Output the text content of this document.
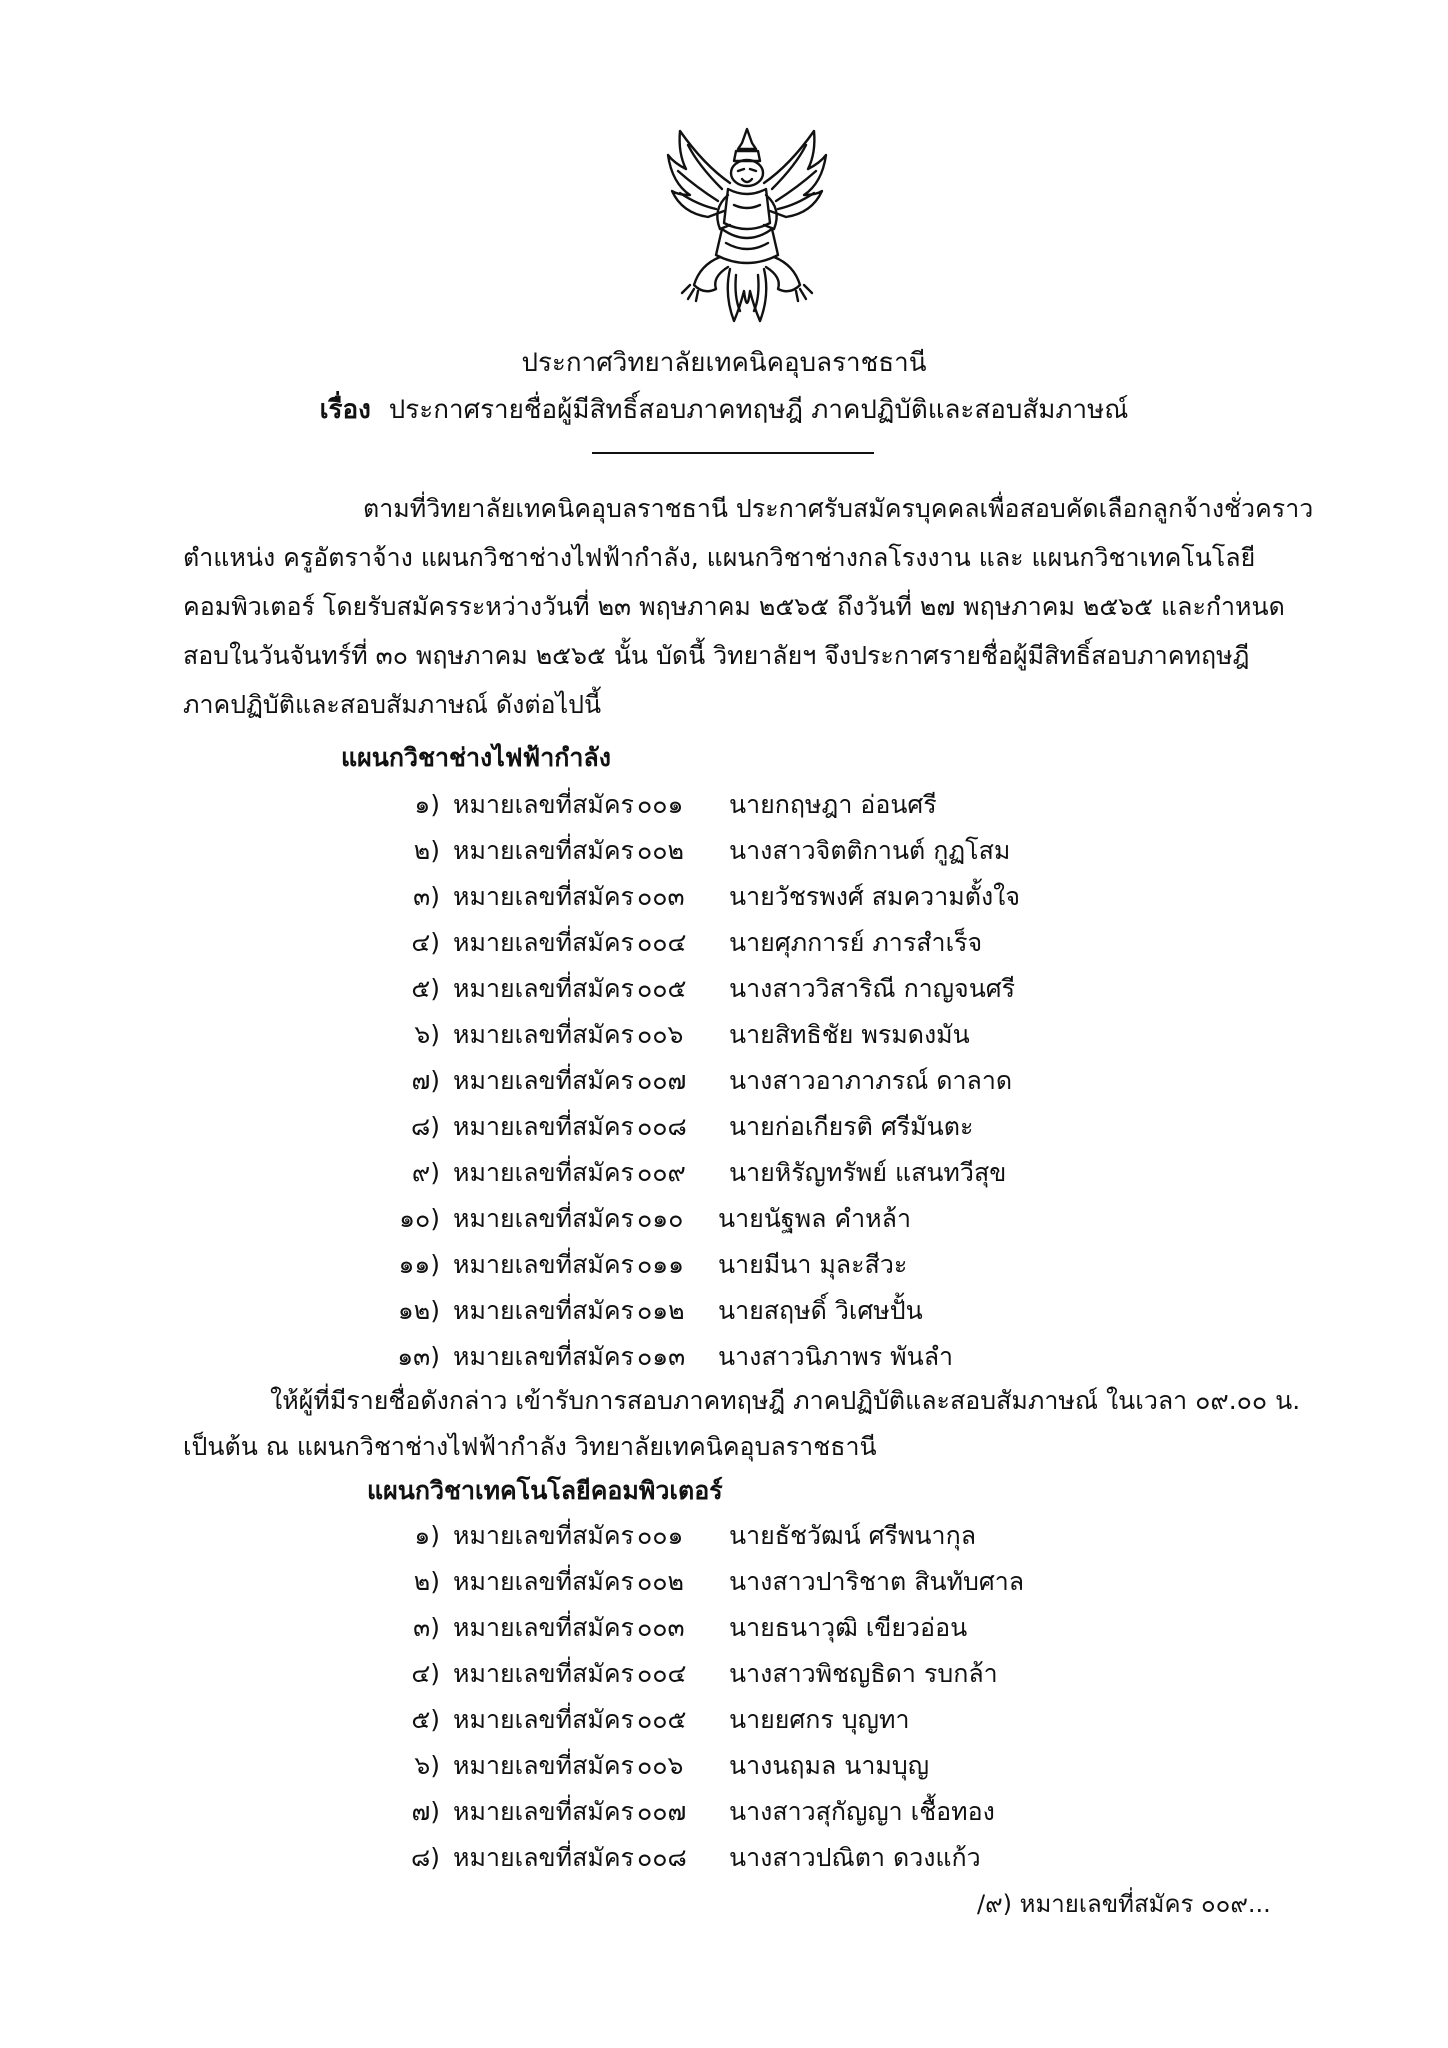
ประกาศวิทยาลัยเทคนิคอุบลราชธานี
เรื่อง ประกาศรายชื่อผู้มีสิทธิ์สอบภาคทฤษฎี ภาคปฏิบัติและสอบสัมภาษณ์
ตามที่วิทยาลัยเทคนิคอุบลราชธานี ประกาศรับสมัครบุคคลเพื่อสอบคัดเลือกลูกจ้างชั่วคราว
ตำแหน่ง ครูอัตราจ้าง แผนกวิชาช่างไฟฟ้ากำลัง, แผนกวิชาช่างกลโรงงาน และ แผนกวิชาเทคโนโลยี
คอมพิวเตอร์ โดยรับสมัครระหว่างวันที่ ๒๓ พฤษภาคม ๒๕๖๕ ถึงวันที่ ๒๗ พฤษภาคม ๒๕๖๕ และกำหนด
สอบในวันจันทร์ที่ ๓๐ พฤษภาคม ๒๕๖๕ นั้น บัดนี้ วิทยาลัยฯ จึงประกาศรายชื่อผู้มีสิทธิ์สอบภาคทฤษฎี
ภาคปฏิบัติและสอบสัมภาษณ์ ดังต่อไปนี้
แผนกวิชาช่างไฟฟ้ากำลัง
๑) หมายเลขที่สมัคร ๐๐๑ นายกฤษฎา อ่อนศรี
๒) หมายเลขที่สมัคร ๐๐๒ นางสาวจิตติกานต์ กูฏโสม
๓) หมายเลขที่สมัคร ๐๐๓ นายวัชรพงศ์ สมความตั้งใจ
๔) หมายเลขที่สมัคร ๐๐๔ นายศุภการย์ ภารสำเร็จ
๕) หมายเลขที่สมัคร ๐๐๕ นางสาววิสาริณี กาญจนศรี
๖) หมายเลขที่สมัคร ๐๐๖ นายสิทธิชัย พรมดงมัน
๗) หมายเลขที่สมัคร ๐๐๗ นางสาวอาภาภรณ์ ดาลาด
๘) หมายเลขที่สมัคร ๐๐๘ นายก่อเกียรติ ศรีมันตะ
๙) หมายเลขที่สมัคร ๐๐๙ นายหิรัญทรัพย์ แสนทวีสุข
๑๐) หมายเลขที่สมัคร ๐๑๐ นายนัฐพล คำหล้า
๑๑) หมายเลขที่สมัคร ๐๑๑ นายมีนา มุละสีวะ
๑๒) หมายเลขที่สมัคร ๐๑๒ นายสฤษดิ์ วิเศษปั้น
๑๓) หมายเลขที่สมัคร ๐๑๓ นางสาวนิภาพร พันลำ
ให้ผู้ที่มีรายชื่อดังกล่าว เข้ารับการสอบภาคทฤษฎี ภาคปฏิบัติและสอบสัมภาษณ์ ในเวลา ๐๙.๐๐ น.
เป็นต้น ณ แผนกวิชาช่างไฟฟ้ากำลัง วิทยาลัยเทคนิคอุบลราชธานี
แผนกวิชาเทคโนโลยีคอมพิวเตอร์
๑) หมายเลขที่สมัคร ๐๐๑ นายธัชวัฒน์ ศรีพนากุล
๒) หมายเลขที่สมัคร ๐๐๒ นางสาวปาริชาต สินทับศาล
๓) หมายเลขที่สมัคร ๐๐๓ นายธนาวุฒิ เขียวอ่อน
๔) หมายเลขที่สมัคร ๐๐๔ นางสาวพิชญธิดา รบกล้า
๕) หมายเลขที่สมัคร ๐๐๕ นายยศกร บุญทา
๖) หมายเลขที่สมัคร ๐๐๖ นางนฤมล นามบุญ
๗) หมายเลขที่สมัคร ๐๐๗ นางสาวสุกัญญา เชื้อทอง
๘) หมายเลขที่สมัคร ๐๐๘ นางสาวปณิตา ดวงแก้ว
/๙) หมายเลขที่สมัคร ๐๐๙...
